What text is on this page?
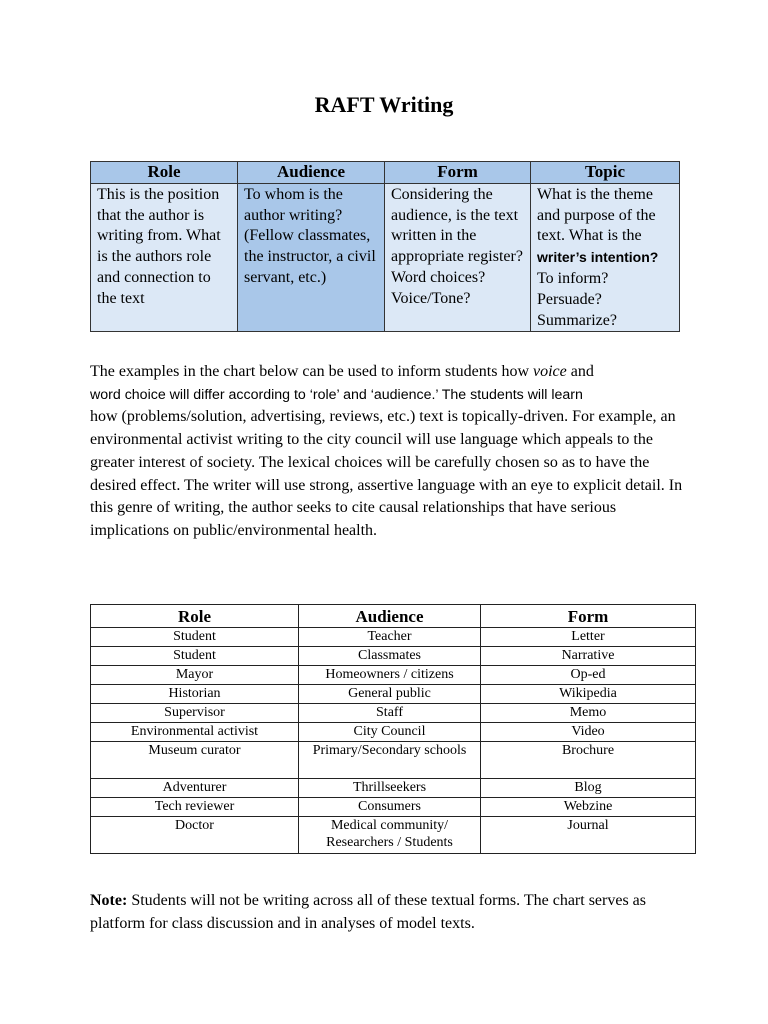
RAFT Writing
Role	Audience	Form	Topic
This is the position that the author is writing from. What is the authors role and connection to the text	To whom is the author writing? (Fellow classmates, the instructor, a civil servant, etc.)	Considering the audience, is the text written in the appropriate register? Word choices? Voice/Tone?	What is the theme and purpose of the text. What is the writer’s intention? To inform? Persuade? Summarize?

The examples in the chart below can be used to inform students how voice and
word choice will differ according to ‘role’ and ‘audience.’ The students will learn
how (problems/solution, advertising, reviews, etc.) text is topically-driven. For example, an environmental activist writing to the city council will use language which appeals to the greater interest of society. The lexical choices will be carefully chosen so as to have the desired effect. The writer will use strong, assertive language with an eye to explicit detail. In this genre of writing, the author seeks to cite causal relationships that have serious implications on public/environmental health.

Role	Audience	Form
Student	Teacher	Letter
Student	Classmates	Narrative
Mayor	Homeowners / citizens	Op-ed
Historian	General public	Wikipedia
Supervisor	Staff	Memo
Environmental activist	City Council	Video
Museum curator	Primary/Secondary schools	Brochure
Adventurer	Thrillseekers	Blog
Tech reviewer	Consumers	Webzine
Doctor	Medical community/ Researchers / Students	Journal

Note: Students will not be writing across all of these textual forms. The chart serves as platform for class discussion and in analyses of model texts.
